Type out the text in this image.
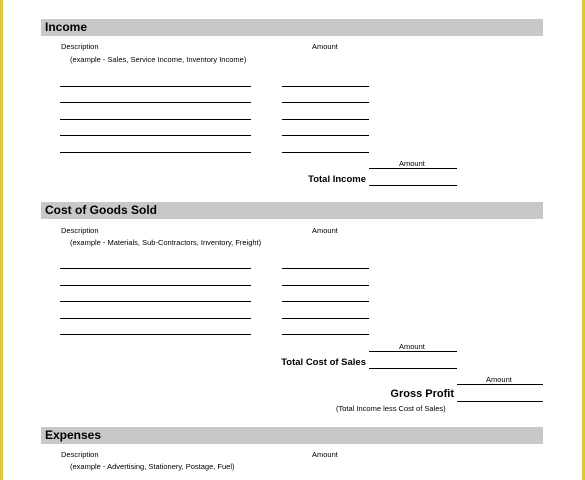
Income
Description	Amount
(example - Sales, Service Income, Inventory Income)
Amount
Total Income
Cost of Goods Sold
Description	Amount
(example - Materials, Sub-Contractors, Inventory, Freight)
Amount
Total Cost of Sales
Amount
Gross Profit
(Total Income less Cost of Sales)
Expenses
Description	Amount
(example - Advertising, Stationery, Postage, Fuel)
